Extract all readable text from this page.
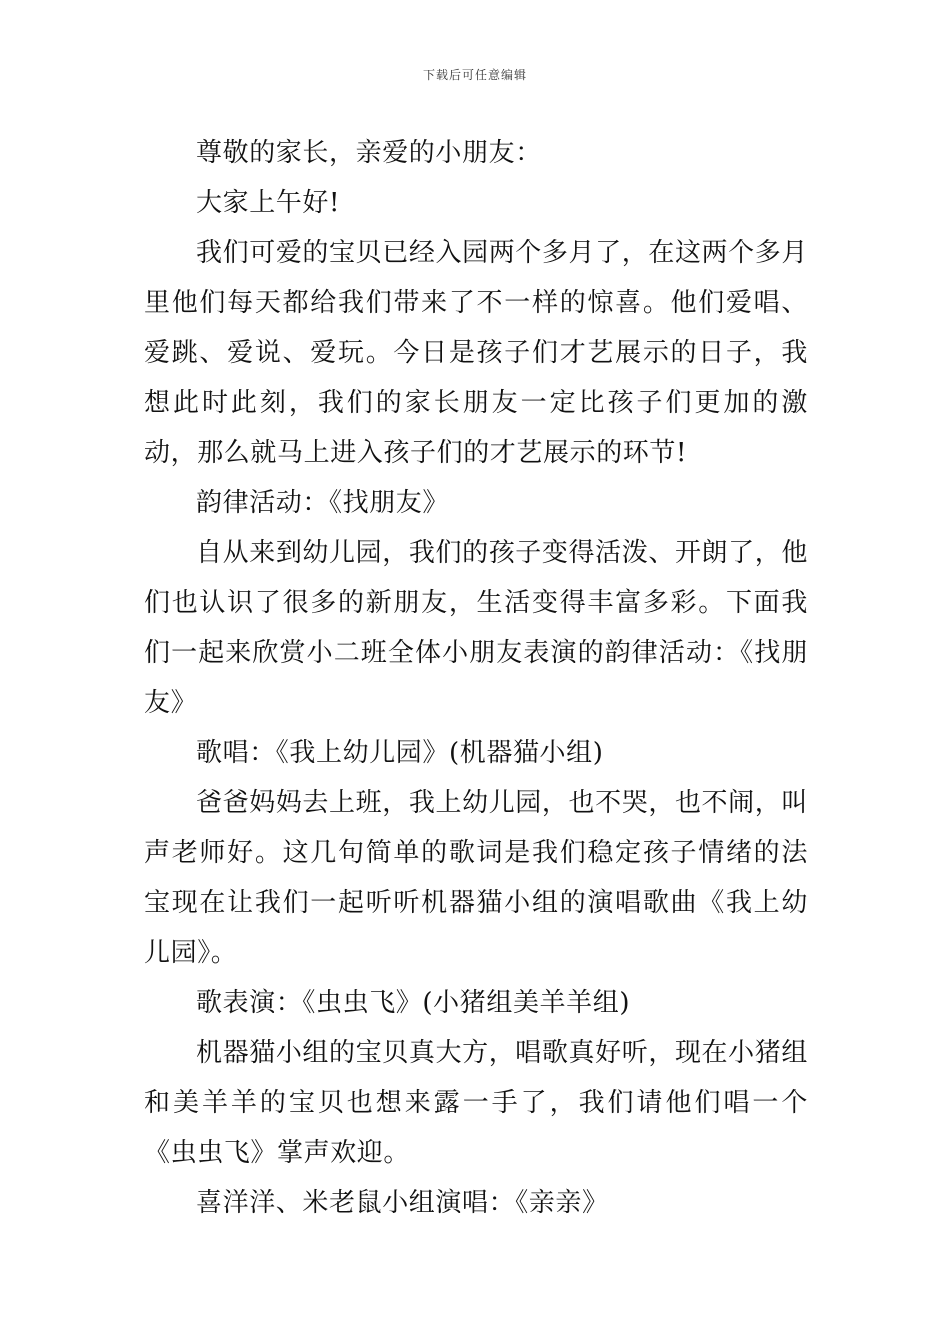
下载后可任意编辑

尊敬的家长，亲爱的小朋友：

大家上午好!

我们可爱的宝贝已经入园两个多月了，在这两个多月里他们每天都给我们带来了不一样的惊喜。他们爱唱、爱跳、爱说、爱玩。今日是孩子们才艺展示的日子，我想此时此刻，我们的家长朋友一定比孩子们更加的激动，那么就马上进入孩子们的才艺展示的环节!

韵律活动：《找朋友》

自从来到幼儿园，我们的孩子变得活泼、开朗了，他们也认识了很多的新朋友，生活变得丰富多彩。下面我们一起来欣赏小二班全体小朋友表演的韵律活动：《找朋友》

歌唱：《我上幼儿园》(机器猫小组)

爸爸妈妈去上班，我上幼儿园，也不哭，也不闹，叫声老师好。这几句简单的歌词是我们稳定孩子情绪的法宝现在让我们一起听听机器猫小组的演唱歌曲《我上幼儿园》。

歌表演：《虫虫飞》(小猪组美羊羊组)

机器猫小组的宝贝真大方，唱歌真好听，现在小猪组和美羊羊的宝贝也想来露一手了，我们请他们唱一个《虫虫飞》掌声欢迎。

喜洋洋、米老鼠小组演唱：《亲亲》
